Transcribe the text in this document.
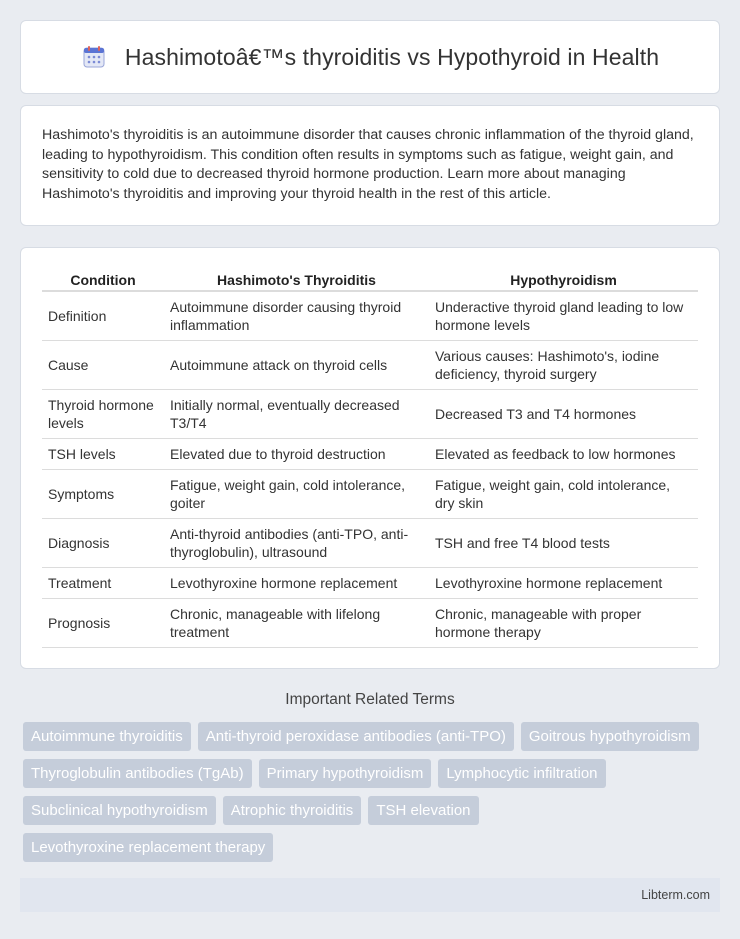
Hashimotoâ€™s thyroiditis vs Hypothyroid in Health

Hashimoto's thyroiditis is an autoimmune disorder that causes chronic inflammation of the thyroid gland, leading to hypothyroidism. This condition often results in symptoms such as fatigue, weight gain, and sensitivity to cold due to decreased thyroid hormone production. Learn more about managing Hashimoto's thyroiditis and improving your thyroid health in the rest of this article.

Condition	Hashimoto's Thyroiditis	Hypothyroidism
Definition	Autoimmune disorder causing thyroid inflammation	Underactive thyroid gland leading to low hormone levels
Cause	Autoimmune attack on thyroid cells	Various causes: Hashimoto's, iodine deficiency, thyroid surgery
Thyroid hormone levels	Initially normal, eventually decreased T3/T4	Decreased T3 and T4 hormones
TSH levels	Elevated due to thyroid destruction	Elevated as feedback to low hormones
Symptoms	Fatigue, weight gain, cold intolerance, goiter	Fatigue, weight gain, cold intolerance, dry skin
Diagnosis	Anti-thyroid antibodies (anti-TPO, anti-thyroglobulin), ultrasound	TSH and free T4 blood tests
Treatment	Levothyroxine hormone replacement	Levothyroxine hormone replacement
Prognosis	Chronic, manageable with lifelong treatment	Chronic, manageable with proper hormone therapy
Important Related Terms
Autoimmune thyroiditis	Anti-thyroid peroxidase antibodies (anti-TPO)	Goitrous hypothyroidism
Thyroglobulin antibodies (TgAb)	Primary hypothyroidism	Lymphocytic infiltration
Subclinical hypothyroidism	Atrophic thyroiditis	TSH elevation
Levothyroxine replacement therapy
Libterm.com
